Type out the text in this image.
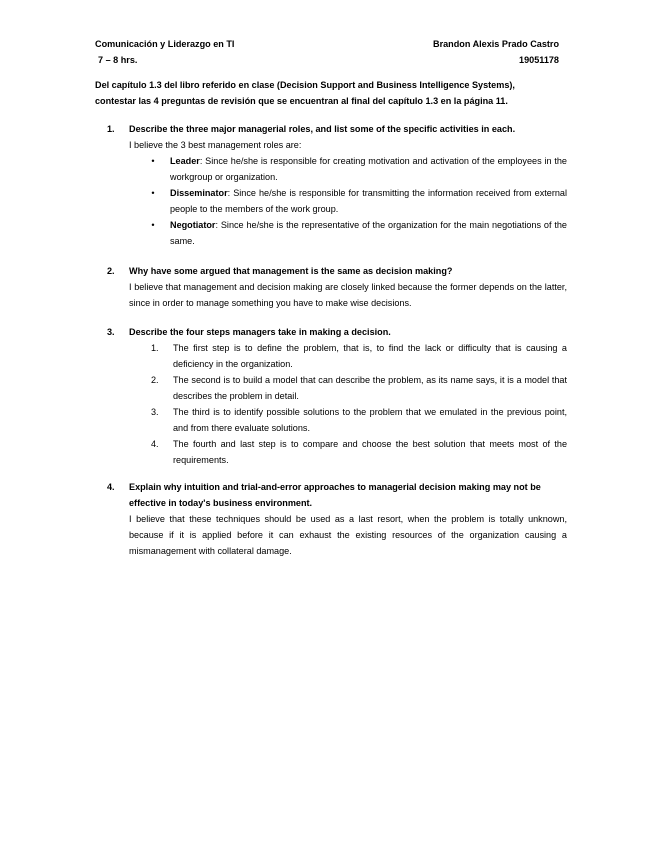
Comunicación y Liderazgo en TI
7 – 8 hrs.
Brandon Alexis Prado Castro
19051178
Del capítulo 1.3 del libro referido en clase (Decision Support and Business Intelligence Systems),
contestar las 4 preguntas de revisión que se encuentran al final del capítulo 1.3 en la página 11.
1.	Describe the three major managerial roles, and list some of the specific activities in each.
I believe the 3 best management roles are:
•	Leader: Since he/she is responsible for creating motivation and activation of the employees in the workgroup or organization.
•	Disseminator: Since he/she is responsible for transmitting the information received from external people to the members of the work group.
•	Negotiator: Since he/she is the representative of the organization for the main negotiations of the same.
2.	Why have some argued that management is the same as decision making?
I believe that management and decision making are closely linked because the former depends on the latter, since in order to manage something you have to make wise decisions.
3.	Describe the four steps managers take in making a decision.
1. The first step is to define the problem, that is, to find the lack or difficulty that is causing a deficiency in the organization.
2. The second is to build a model that can describe the problem, as its name says, it is a model that describes the problem in detail.
3. The third is to identify possible solutions to the problem that we emulated in the previous point, and from there evaluate solutions.
4. The fourth and last step is to compare and choose the best solution that meets most of the requirements.
4.	Explain why intuition and trial-and-error approaches to managerial decision making may not be effective in today's business environment.
I believe that these techniques should be used as a last resort, when the problem is totally unknown, because if it is applied before it can exhaust the existing resources of the organization causing a mismanagement with collateral damage.
